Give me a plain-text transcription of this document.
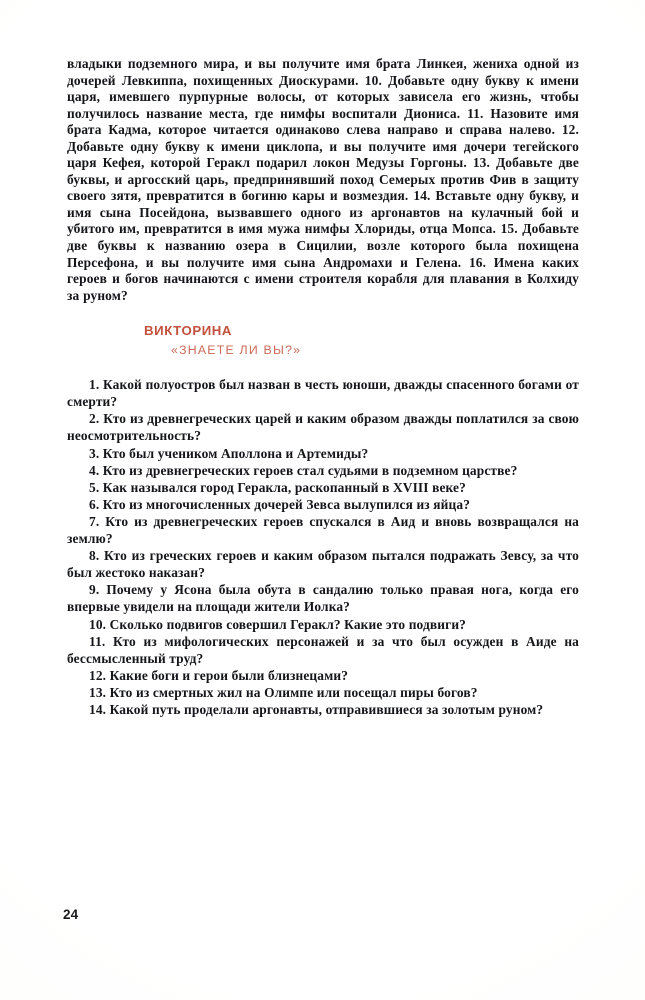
владыки подземного мира, и вы получите имя брата Линкея, жениха одной из дочерей Левкиппа, похищенных Диоскурами. 10. Добавьте одну букву к имени царя, имевшего пурпурные волосы, от которых зависела его жизнь, чтобы получилось название места, где нимфы воспитали Диониса. 11. Назовите имя брата Кадма, которое читается одинаково слева направо и справа налево. 12. Добавьте одну букву к имени циклопа, и вы получите имя дочери тегейского царя Кефея, которой Геракл подарил локон Медузы Горгоны. 13. Добавьте две буквы, и аргосский царь, предпринявший поход Семерых против Фив в защиту своего зятя, превратится в богиню кары и возмездия. 14. Вставьте одну букву, и имя сына Посейдона, вызвавшего одного из аргонавтов на кулачный бой и убитого им, превратится в имя мужа нимфы Хлориды, отца Мопса. 15. Добавьте две буквы к названию озера в Сицилии, возле которого была похищена Персефона, и вы получите имя сына Андромахи и Гелена. 16. Имена каких героев и богов начинаются с имени строителя корабля для плавания в Колхиду за руном?

ВИКТОРИНА
«ЗНАЕТЕ ЛИ ВЫ?»

1. Какой полуостров был назван в честь юноши, дважды спасенного богами от смерти?

2. Кто из древнегреческих царей и каким образом дважды поплатился за свою неосмотрительность?

3. Кто был учеником Аполлона и Артемиды?

4. Кто из древнегреческих героев стал судьями в подземном царстве?

5. Как назывался город Геракла, раскопанный в XVIII веке?

6. Кто из многочисленных дочерей Зевса вылупился из яйца?

7. Кто из древнегреческих героев спускался в Аид и вновь возвращался на землю?

8. Кто из греческих героев и каким образом пытался подражать Зевсу, за что был жестоко наказан?

9. Почему у Ясона была обута в сандалию только правая нога, когда его впервые увидели на площади жители Иолка?

10. Сколько подвигов совершил Геракл? Какие это подвиги?

11. Кто из мифологических персонажей и за что был осужден в Аиде на бессмысленный труд?

12. Какие боги и герои были близнецами?

13. Кто из смертных жил на Олимпе или посещал пиры богов?

14. Какой путь проделали аргонавты, отправившиеся за золотым руном?

24
